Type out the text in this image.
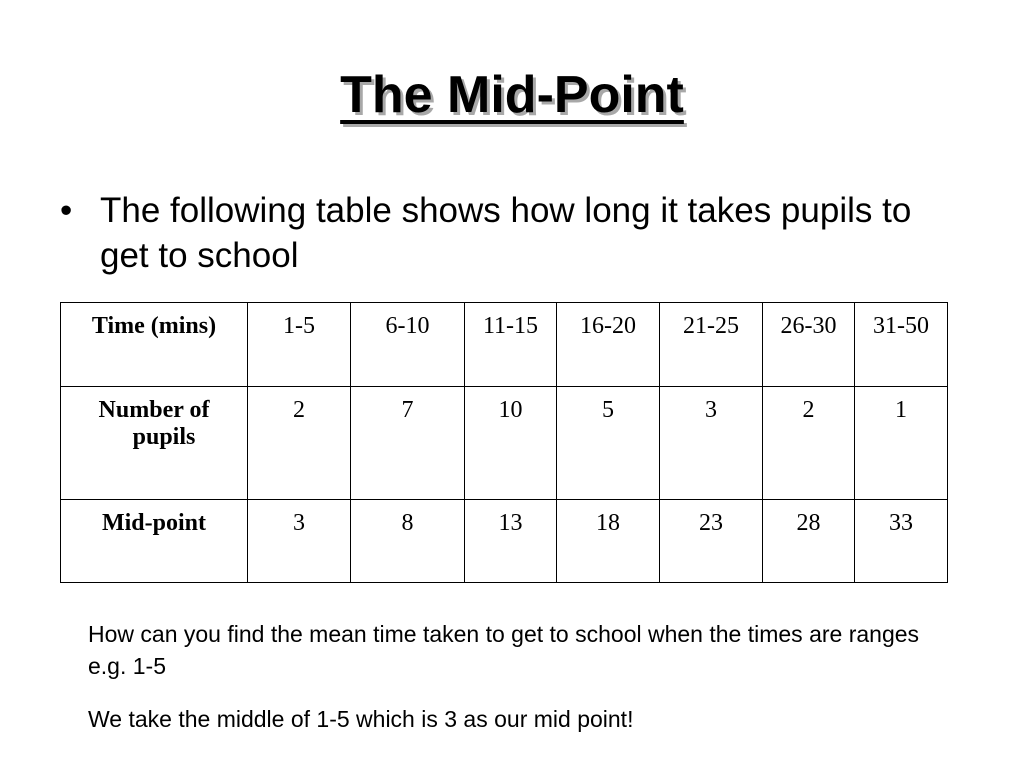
The Mid-Point
• The following table shows how long it takes pupils to get to school
Time (mins)	1-5	6-10	11-15	16-20	21-25	26-30	31-50

Number of
pupils	2	7	10	5	3	2	1
Mid-point	3	8	13	18	23	28	33
How can you find the mean time taken to get to school when the times are ranges e.g. 1-5
We take the middle of 1-5 which is 3 as our mid point!
